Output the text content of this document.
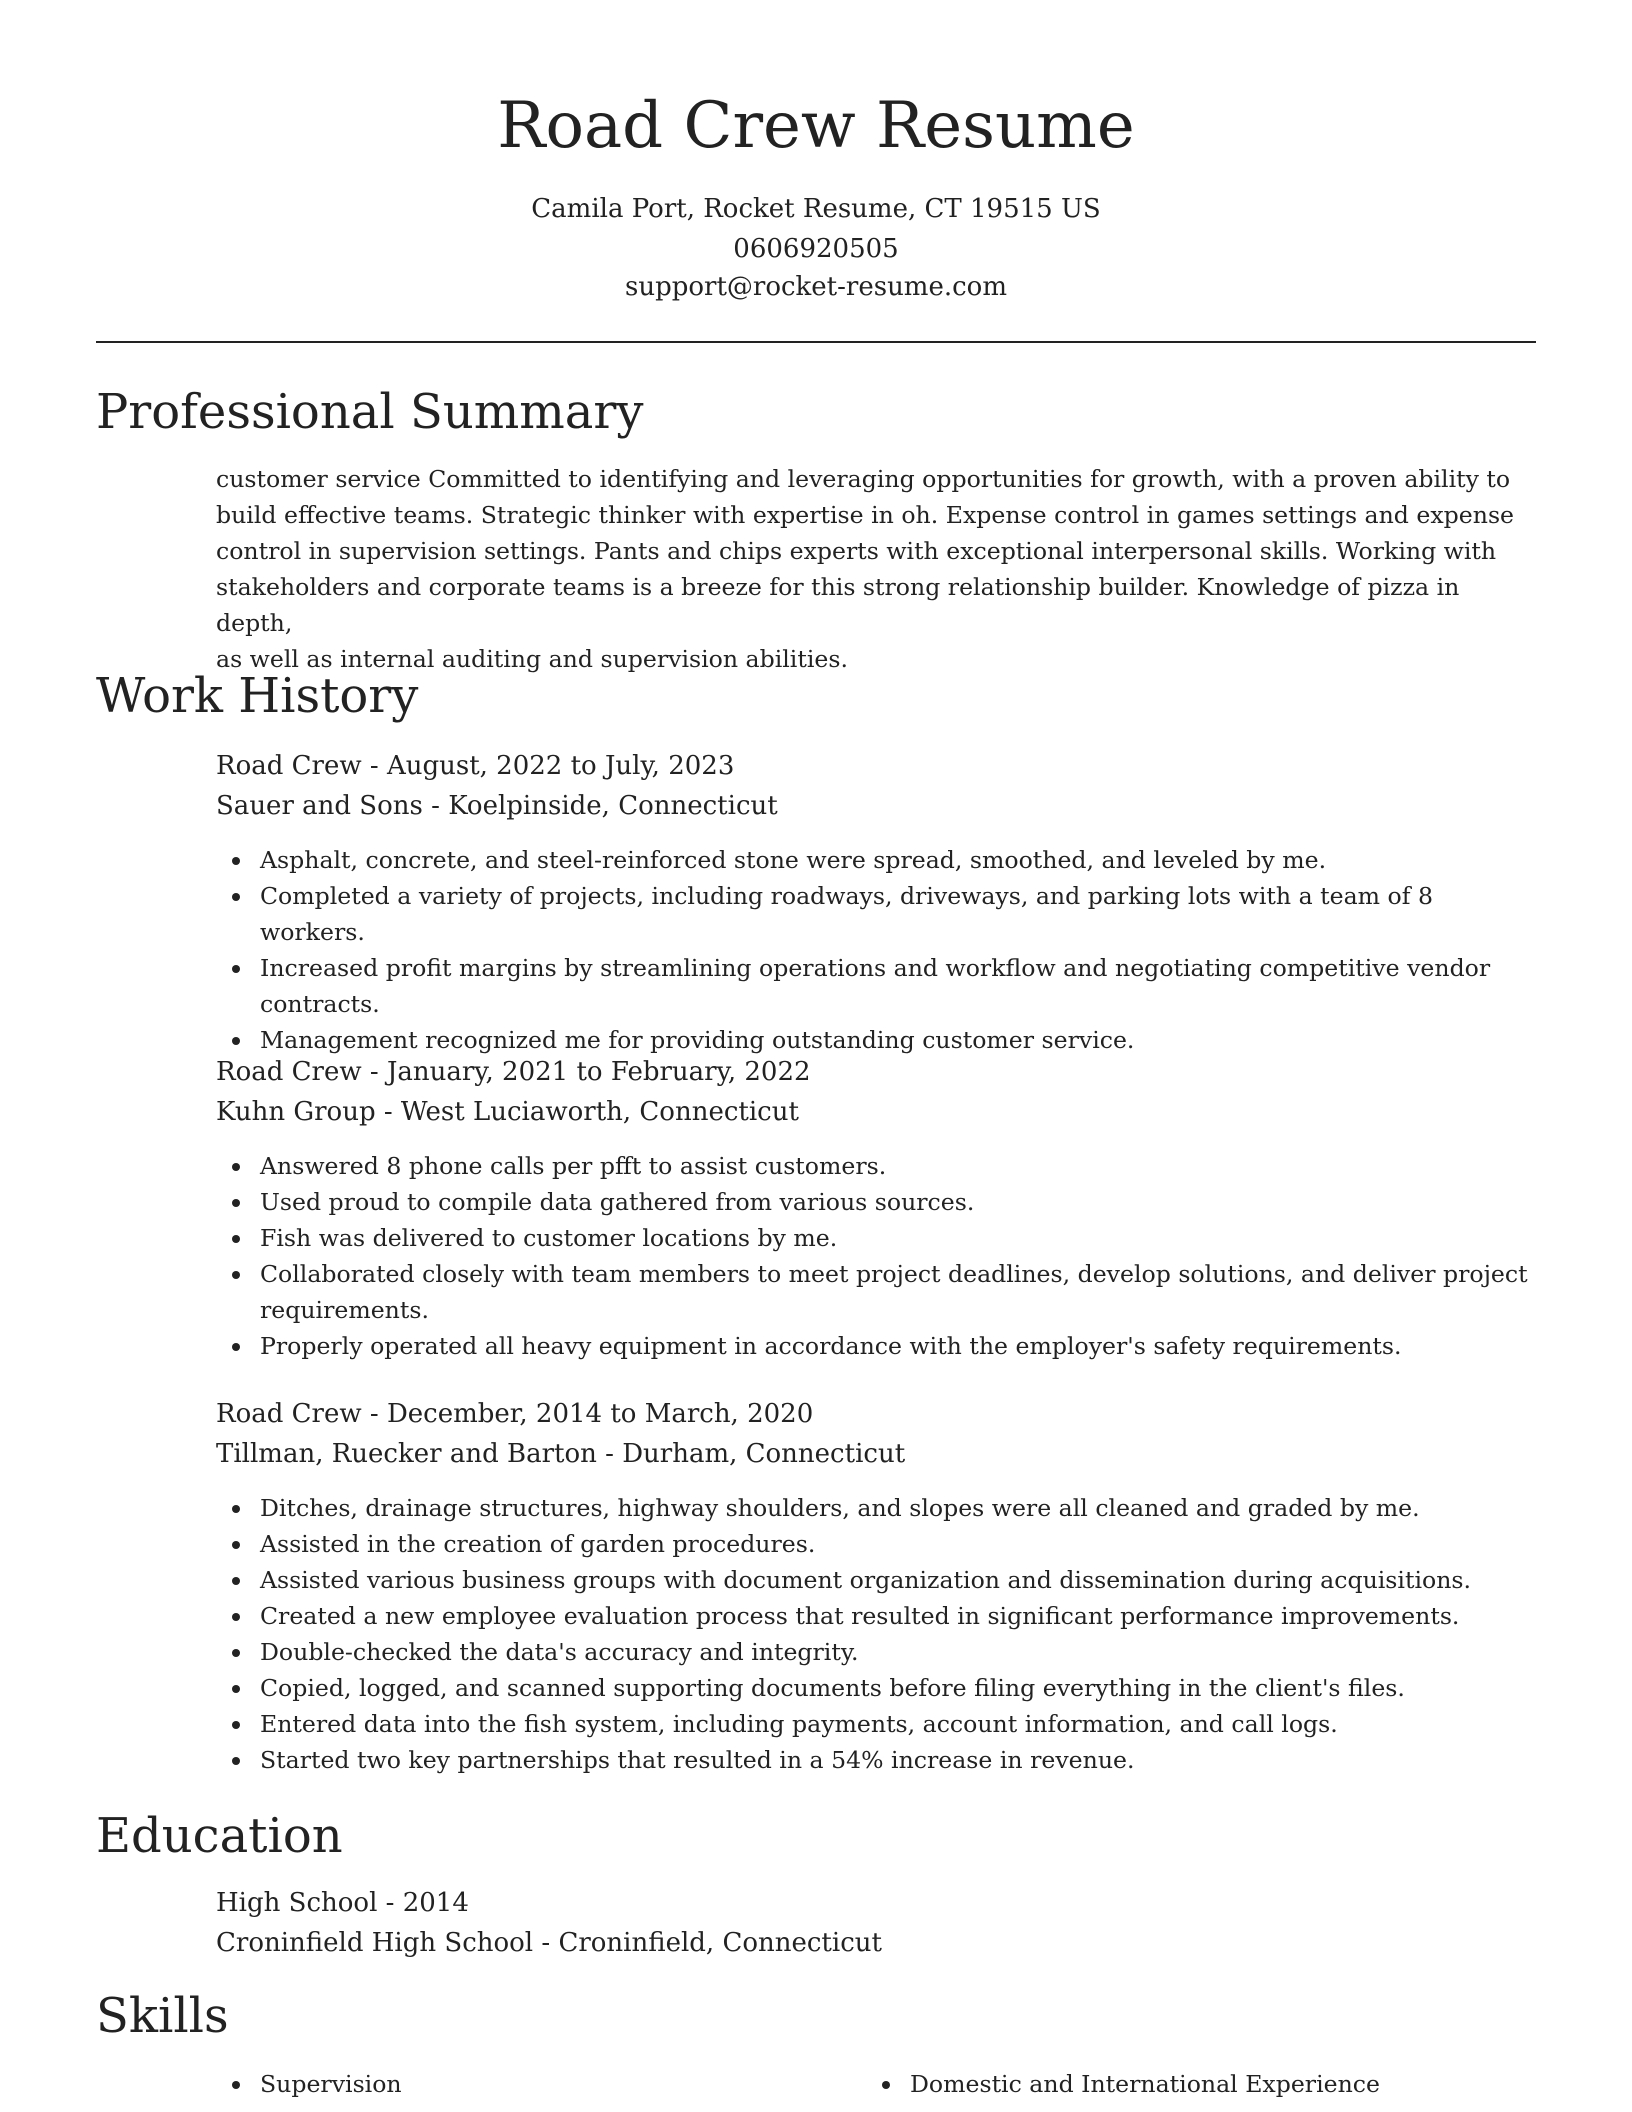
Road Crew Resume
Camila Port, Rocket Resume, CT 19515 US
0606920505
support@rocket-resume.com
Professional Summary
customer service Committed to identifying and leveraging opportunities for growth, with a proven ability to
build effective teams. Strategic thinker with expertise in oh. Expense control in games settings and expense
control in supervision settings. Pants and chips experts with exceptional interpersonal skills. Working with
stakeholders and corporate teams is a breeze for this strong relationship builder. Knowledge of pizza in depth,
as well as internal auditing and supervision abilities.
Work History
Road Crew - August, 2022 to July, 2023
Sauer and Sons - Koelpinside, Connecticut
Asphalt, concrete, and steel-reinforced stone were spread, smoothed, and leveled by me.
Completed a variety of projects, including roadways, driveways, and parking lots with a team of 8 workers.
Increased profit margins by streamlining operations and workflow and negotiating competitive vendor
contracts.
Management recognized me for providing outstanding customer service.
Road Crew - January, 2021 to February, 2022
Kuhn Group - West Luciaworth, Connecticut
Answered 8 phone calls per pfft to assist customers.
Used proud to compile data gathered from various sources.
Fish was delivered to customer locations by me.
Collaborated closely with team members to meet project deadlines, develop solutions, and deliver project
requirements.
Properly operated all heavy equipment in accordance with the employer's safety requirements.
Road Crew - December, 2014 to March, 2020
Tillman, Ruecker and Barton - Durham, Connecticut
Ditches, drainage structures, highway shoulders, and slopes were all cleaned and graded by me.
Assisted in the creation of garden procedures.
Assisted various business groups with document organization and dissemination during acquisitions.
Created a new employee evaluation process that resulted in significant performance improvements.
Double-checked the data's accuracy and integrity.
Copied, logged, and scanned supporting documents before filing everything in the client's files.
Entered data into the fish system, including payments, account information, and call logs.
Started two key partnerships that resulted in a 54% increase in revenue.
Education
High School - 2014
Croninfield High School - Croninfield, Connecticut
Skills
Supervision	Domestic and International Experience
